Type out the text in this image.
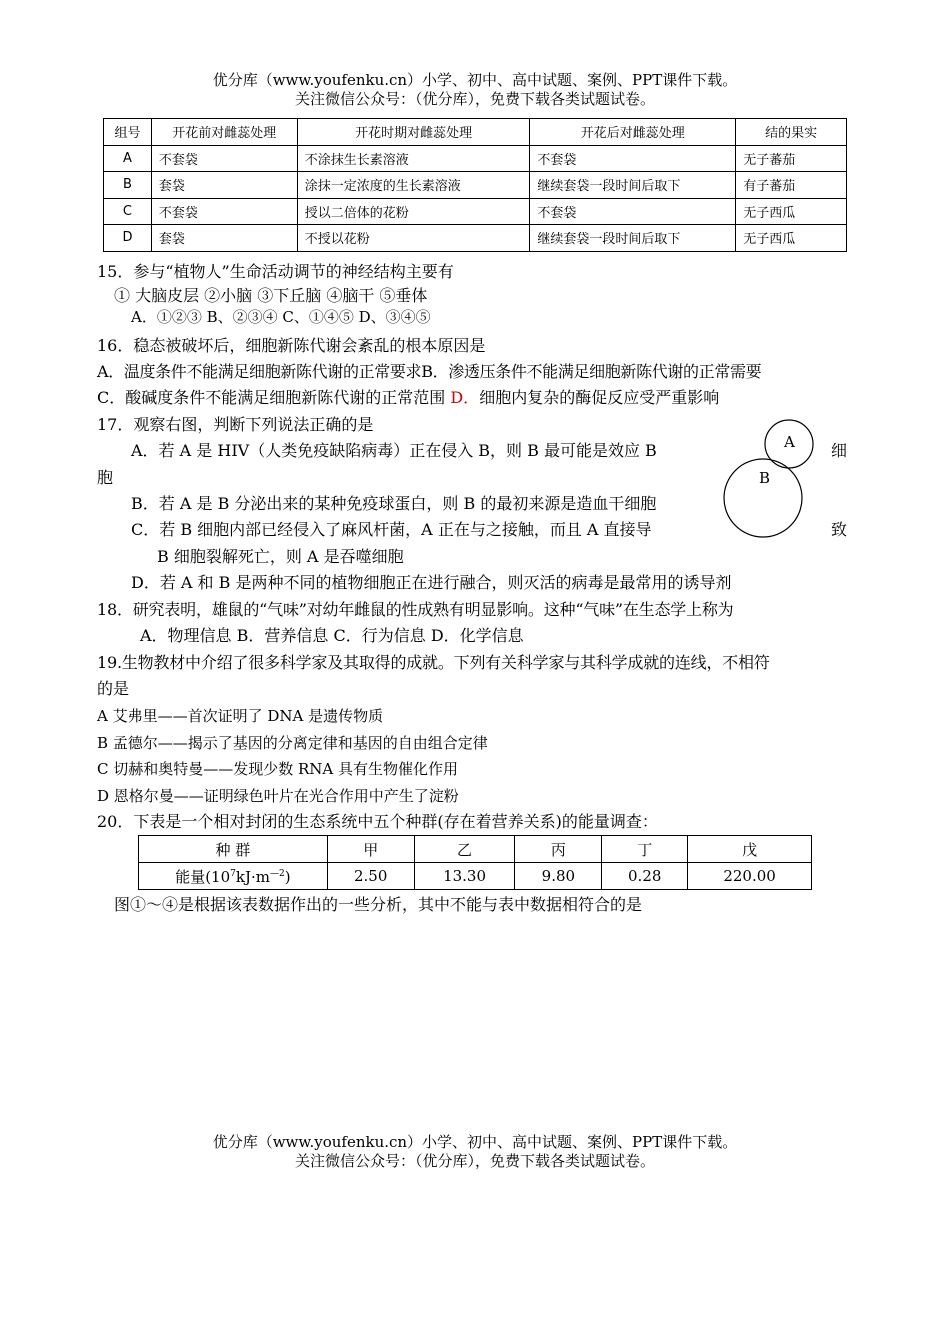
优分库（www.youfenku.cn）小学、初中、高中试题、案例、PPT课件下载。
关注微信公众号：（优分库），免费下载各类试题试卷。
组号	开花前对雌蕊处理	开花时期对雌蕊处理	开花后对雌蕊处理	结的果实
A	不套袋	不涂抹生长素溶液	不套袋	无子蕃茄
B	套袋	涂抹一定浓度的生长素溶液	继续套袋一段时间后取下	有子蕃茄
C	不套袋	授以二倍体的花粉	不套袋	无子西瓜
D	套袋	不授以花粉	继续套袋一段时间后取下	无子西瓜
15．参与“植物人”生命活动调节的神经结构主要有
① 大脑皮层 ②小脑 ③下丘脑 ④脑干 ⑤垂体
A．①②③ B、②③④ C、①④⑤ D、③④⑤
16．稳态被破坏后，细胞新陈代谢会紊乱的根本原因是
A．温度条件不能满足细胞新陈代谢的正常要求B．渗透压条件不能满足细胞新陈代谢的正常需要
C．酸碱度条件不能满足细胞新陈代谢的正常范围 D．细胞内复杂的酶促反应受严重影响
17．观察右图，判断下列说法正确的是
A．若 A 是 HIV（人类免疫缺陷病毒）正在侵入 B，则 B 最可能是效应 B	细
胞
B．若 A 是 B 分泌出来的某种免疫球蛋白，则 B 的最初来源是造血干细胞
C．若 B 细胞内部已经侵入了麻风杆菌，A 正在与之接触，而且 A 直接导	致
B 细胞裂解死亡，则 A 是吞噬细胞
D．若 A 和 B 是两种不同的植物细胞正在进行融合，则灭活的病毒是最常用的诱导剂
A
B
18．研究表明，雄鼠的“气味”对幼年雌鼠的性成熟有明显影响。这种“气味”在生态学上称为
A．物理信息 B．营养信息 C．行为信息 D．化学信息
19.生物教材中介绍了很多科学家及其取得的成就。下列有关科学家与其科学成就的连线，不相符
的是
A 艾弗里——首次证明了 DNA 是遗传物质
B 孟德尔——揭示了基因的分离定律和基因的自由组合定律
C 切赫和奥特曼——发现少数 RNA 具有生物催化作用
D 恩格尔曼——证明绿色叶片在光合作用中产生了淀粉
20．下表是一个相对封闭的生态系统中五个种群(存在着营养关系)的能量调查：
种 群	甲	乙	丙	丁	戊
能量$(10^7kJ\cdot m^{—2})$	2.50	13.30	9.80	0.28	220.00
图①～④是根据该表数据作出的一些分析，其中不能与表中数据相符合的是
优分库（www.youfenku.cn）小学、初中、高中试题、案例、PPT课件下载。
关注微信公众号：（优分库），免费下载各类试题试卷。
